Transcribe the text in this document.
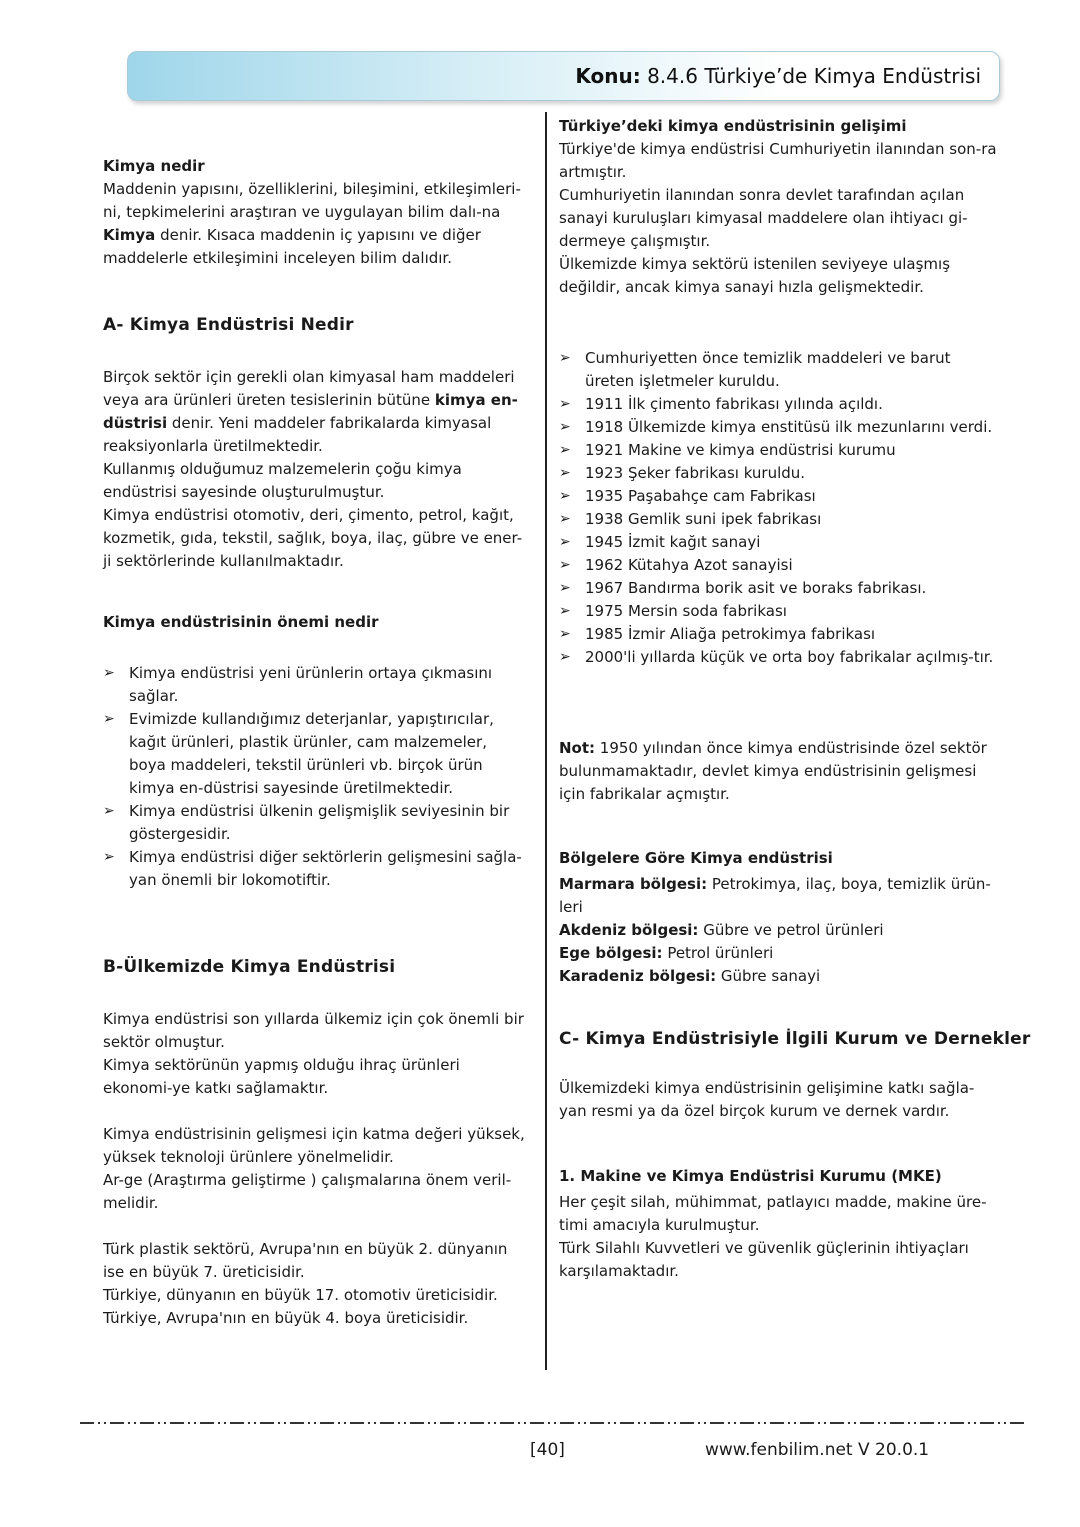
Konu: 8.4.6 Türkiye’de Kimya Endüstrisi
Kimya nedir

Maddenin yapısını, özelliklerini, bileşimini, etkileşimleri-ni, tepkimelerini araştıran ve uygulayan bilim dalı-na Kimya denir. Kısaca maddenin iç yapısını ve diğer maddelerle etkileşimini inceleyen bilim dalıdır.

A- Kimya Endüstrisi Nedir

Birçok sektör için gerekli olan kimyasal ham maddeleri veya ara ürünleri üreten tesislerinin bütüne kimya en-düstrisi denir. Yeni maddeler fabrikalarda kimyasal reaksiyonlarla üretilmektedir.

Kullanmış olduğumuz malzemelerin çoğu kimya endüstrisi sayesinde oluşturulmuştur.

Kimya endüstrisi otomotiv, deri, çimento, petrol, kağıt, kozmetik, gıda, tekstil, sağlık, boya, ilaç, gübre ve ener-ji sektörlerinde kullanılmaktadır.

Kimya endüstrisinin önemi nedir
➢ Kimya endüstrisi yeni ürünlerin ortaya çıkmasını sağlar.
➢ Evimizde kullandığımız deterjanlar, yapıştırıcılar, kağıt ürünleri, plastik ürünler, cam malzemeler, boya maddeleri, tekstil ürünleri vb. birçok ürün kimya en-düstrisi sayesinde üretilmektedir.
➢ Kimya endüstrisi ülkenin gelişmişlik seviyesinin bir göstergesidir.
➢ Kimya endüstrisi diğer sektörlerin gelişmesini sağla-yan önemli bir lokomotiftir.
B-Ülkemizde Kimya Endüstrisi

Kimya endüstrisi son yıllarda ülkemiz için çok önemli bir sektör olmuştur.

Kimya sektörünün yapmış olduğu ihraç ürünleri ekonomi-ye katkı sağlamaktır.

Kimya endüstrisinin gelişmesi için katma değeri yüksek, yüksek teknoloji ürünlere yönelmelidir.

Ar-ge (Araştırma geliştirme ) çalışmalarına önem veril-melidir.

Türk plastik sektörü, Avrupa'nın en büyük 2. dünyanın ise en büyük 7. üreticisidir.

Türkiye, dünyanın en büyük 17. otomotiv üreticisidir.

Türkiye, Avrupa'nın en büyük 4. boya üreticisidir.

Türkiye’deki kimya endüstrisinin gelişimi

Türkiye'de kimya endüstrisi Cumhuriyetin ilanından son-ra artmıştır.

Cumhuriyetin ilanından sonra devlet tarafından açılan sanayi kuruluşları kimyasal maddelere olan ihtiyacı gi-dermeye çalışmıştır.

Ülkemizde kimya sektörü istenilen seviyeye ulaşmış değildir, ancak kimya sanayi hızla gelişmektedir.

➢ Cumhuriyetten önce temizlik maddeleri ve barut üreten işletmeler kuruldu.
➢ 1911 İlk çimento fabrikası yılında açıldı.
➢ 1918 Ülkemizde kimya enstitüsü ilk mezunlarını verdi.
➢ 1921 Makine ve kimya endüstrisi kurumu
➢ 1923 Şeker fabrikası kuruldu.
➢ 1935 Paşabahçe cam Fabrikası
➢ 1938 Gemlik suni ipek fabrikası
➢ 1945 İzmit kağıt sanayi
➢ 1962 Kütahya Azot sanayisi
➢ 1967 Bandırma borik asit ve boraks fabrikası.
➢ 1975 Mersin soda fabrikası
➢ 1985 İzmir Aliağa petrokimya fabrikası
➢ 2000'li yıllarda küçük ve orta boy fabrikalar açılmış-tır.

Not: 1950 yılından önce kimya endüstrisinde özel sektör bulunmamaktadır, devlet kimya endüstrisinin gelişmesi için fabrikalar açmıştır.

Bölgelere Göre Kimya endüstrisi

Marmara bölgesi: Petrokimya, ilaç, boya, temizlik ürün-leri

Akdeniz bölgesi: Gübre ve petrol ürünleri

Ege bölgesi: Petrol ürünleri

Karadeniz bölgesi: Gübre sanayi

C- Kimya Endüstrisiyle İlgili Kurum ve Dernekler

Ülkemizdeki kimya endüstrisinin gelişimine katkı sağla-yan resmi ya da özel birçok kurum ve dernek vardır.

1. Makine ve Kimya Endüstrisi Kurumu (MKE)

Her çeşit silah, mühimmat, patlayıcı madde, makine üre-timi amacıyla kurulmuştur.

Türk Silahlı Kuvvetleri ve güvenlik güçlerinin ihtiyaçları karşılamaktadır.

[40]	www.fenbilim.net V 20.0.1
